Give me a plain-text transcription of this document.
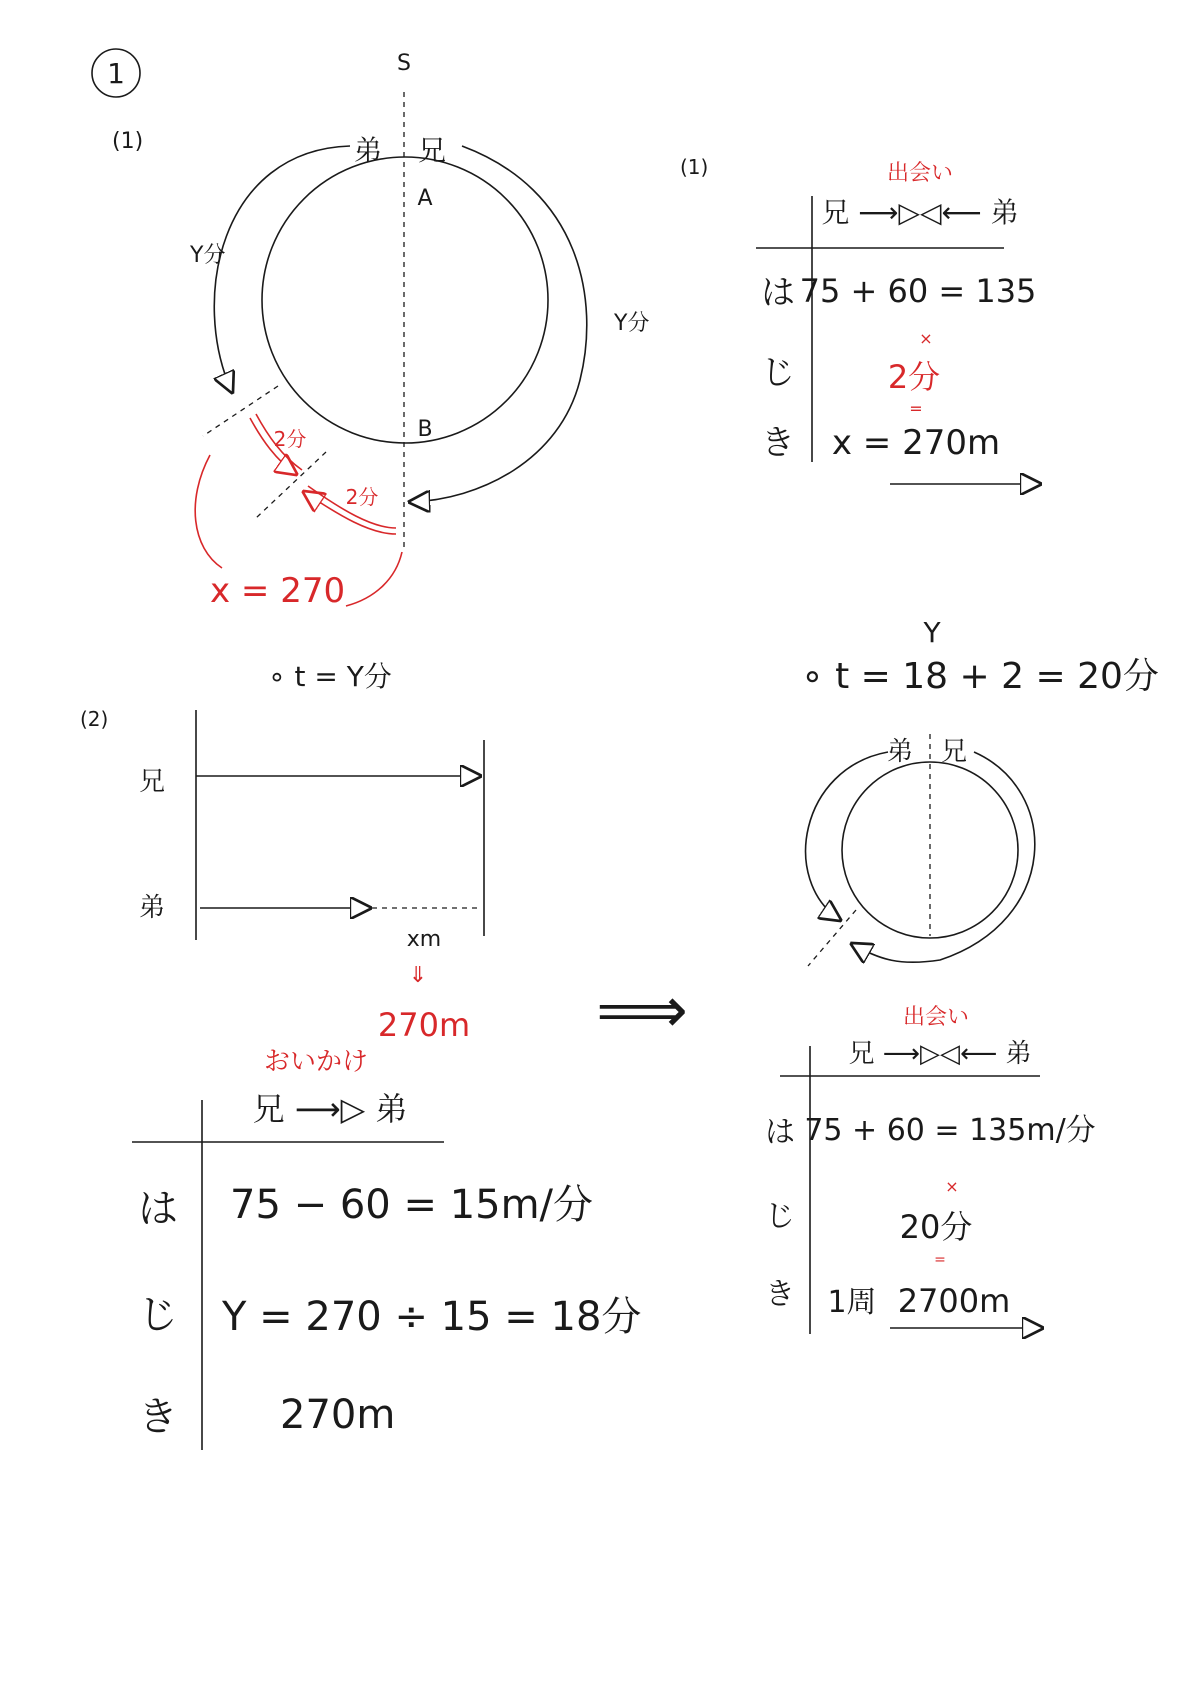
1
(1)
S
弟 兄
A
B
Y分
Y分
2分
2分
x = 270
(1)	出会い
兄 ⟶▷◁⟵ 弟
は
じ
き
75 + 60 = 135
×
2分
=
x = 270m
∘ t = Y分
(2)
兄
弟
xm
⇓
270m
おいかけ
兄 ⟶▷ 弟
は
じ
き
75 − 60 = 15m/分
Y = 270 ÷ 15 = 18分
270m
⟹
Y
∘ t = 18 + 2 = 20分
弟 兄
出会い
兄 ⟶▷◁⟵ 弟
は
じ
き
75 + 60 = 135m/分
×
20分
=
1周 2700m
